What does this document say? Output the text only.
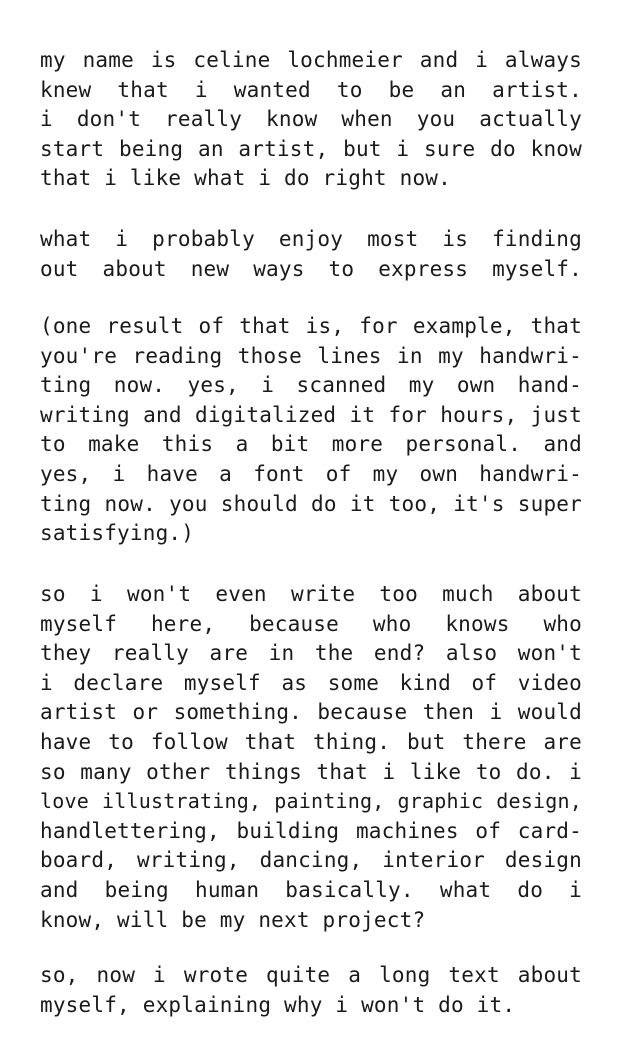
my name is celine lochmeier and i always
knew that i wanted to be an artist.
i don't really know when you actually
start being an artist, but i sure do know
that i like what i do right now.
what i probably enjoy most is finding
out about new ways to express myself.
(one result of that is, for example, that
you're reading those lines in my handwri-
ting now. yes, i scanned my own hand-
writing and digitalized it for hours, just
to make this a bit more personal. and
yes, i have a font of my own handwri-
ting now. you should do it too, it's super
satisfying.)
so i won't even write too much about
myself here, because who knows who
they really are in the end? also won't
i declare myself as some kind of video
artist or something. because then i would
have to follow that thing. but there are
so many other things that i like to do. i
love illustrating, painting, graphic design,
handlettering, building machines of card-
board, writing, dancing, interior design
and being human basically. what do i
know, will be my next project?
so, now i wrote quite a long text about
myself, explaining why i won't do it.
